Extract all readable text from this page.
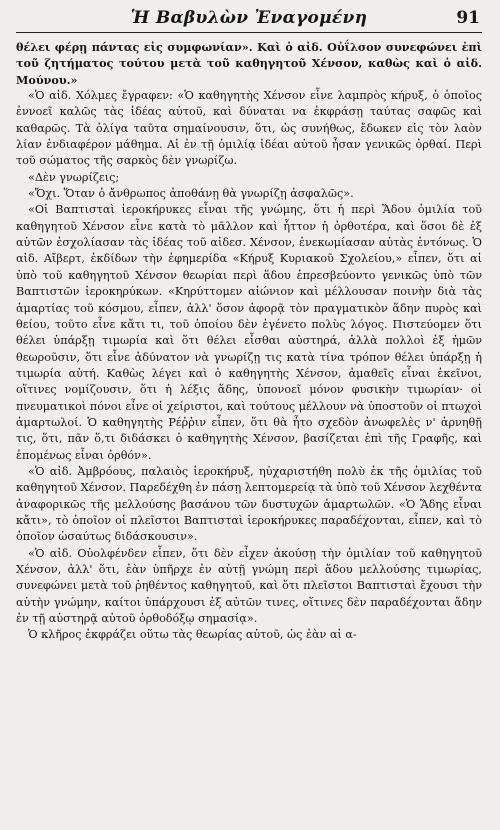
Ἡ Βαβυλὼν Ἐναγομένη	91

θέλει φέρῃ πάντας εἰς συμφωνίαν». Καὶ ὁ αἰδ. Οὐΐλσον συνεφώνει ἐπὶ τοῦ ζητήματος τούτου μετὰ τοῦ καθηγητοῦ Χένσον, καθὼς καὶ ὁ αἰδ. Μούνου.»

«Ὁ αἰδ. Χόλμες ἔγραφεν: «Ὁ καθηγητὴς Χένσον εἶνε λαμπρὸς κήρυξ, ὁ ὁποῖος ἐννοεῖ καλῶς τὰς ἰδέας αὐτοῦ, καὶ δύναται να ἐκφράσῃ ταύτας σαφῶς καὶ καθαρῶς. Τὰ ὀλίγα ταῦτα σημαίνουσιν, ὅτι, ὡς συνήθως, ἔδωκεν εἰς τὸν λαὸν λίαν ἐνδιαφέρον μάθημα. Αἱ ἐν τῇ ὁμιλίᾳ ἰδέαι αὐτοῦ ἦσαν γενικῶς ὀρθαί. Περὶ τοῦ σώματος τῆς σαρκὸς δὲν γνωρίζω.

«Δὲν γνωρίζεις;

«Ὄχι. Ὅταν ὁ ἄνθρωπος ἀποθάνῃ θὰ γνωρίζῃ ἀσφαλῶς».

«Οἱ Βαπτισταὶ ἱεροκήρυκες εἶναι τῆς γνώμης, ὅτι ἡ περὶ Ἅδου ὁμιλία τοῦ καθηγητοῦ Χένσον εἶνε κατὰ τὸ μᾶλλον καὶ ἧττον ἡ ὀρθοτέρα, καὶ ὅσοι δὲ ἐξ αὐτῶν ἐσχολίασαν τὰς ἰδέας τοῦ αἰδεσ. Χένσον, ἐνεκωμίασαν αὐτὰς ἐντόνως. Ὁ αἰδ. Αἴβερτ, ἐκδίδων τὴν ἐφημερίδα «Κήρυξ Κυριακοῦ Σχολείου,» εἶπεν, ὅτι αἱ ὑπὸ τοῦ καθηγητοῦ Χένσον θεωρίαι περὶ ἅδου ἐπρεσβεύοντο γενικῶς ὑπὸ τῶν Βαπτιστῶν ἱεροκηρύκων. «Κηρύττομεν αἰώνιον καὶ μέλλουσαν ποινὴν διὰ τὰς ἁμαρτίας τοῦ κόσμου, εἶπεν, ἀλλ' ὅσον ἀφορᾷ τὸν πραγματικὸν ἅδην πυρὸς καὶ θείου, τοῦτο εἶνε κἄτι τι, τοῦ ὁποίου δὲν ἐγένετο πολὺς λόγος. Πιστεύομεν ὅτι θέλει ὑπάρξῃ τιμωρία καὶ ὅτι θέλει εἶσθαι αὐστηρά, ἀλλὰ πολλοὶ ἐξ ἡμῶν θεωροῦσιν, ὅτι εἶνε ἀδύνατον νὰ γνωρίζῃ τις κατὰ τίνα τρόπον θέλει ὑπάρξῃ ἡ τιμωρία αὐτή. Καθὼς λέγει καὶ ὁ καθηγητὴς Χένσον, ἀμαθεῖς εἶναι ἐκεῖνοι, οἵτινες νομίζουσιν, ὅτι ἡ λέξις ἅδης, ὑπονοεῖ μόνον φυσικὴν τιμωρίαν· οἱ πνευματικοὶ πόνοι εἶνε οἱ χείριστοι, καὶ τούτους μέλλουν νὰ ὑποστοῦν οἱ πτωχοὶ ἁμαρτωλοί. Ὁ καθηγητὴς Ρέῤῥιν εἶπεν, ὅτι θὰ ἦτο σχεδὸν ἀνωφελὲς ν' ἀρνηθῇ τις, ὅτι, πᾶν ὅ,τι διδάσκει ὁ καθηγητὴς Χένσον, βασίζεται ἐπὶ τῆς Γραφῆς, καὶ ἑπομένως εἶναι ὀρθόν».

«Ὁ αἰδ. Ἀμβρόους, παλαιὸς ἱεροκήρυξ, ηὐχαριστήθη πολὺ ἐκ τῆς ὁμιλίας τοῦ καθηγητοῦ Χένσον. Παρεδέχθη ἐν πάσῃ λεπτομερείᾳ τὰ ὑπὸ τοῦ Χένσον λεχθέντα ἀναφορικῶς τῆς μελλούσης βασάνου τῶν δυστυχῶν ἁμαρτωλῶν. «Ὁ Ἅδης εἶναι κἄτι», τὸ ὁποῖον οἱ πλεῖστοι Βαπτισταὶ ἱεροκήρυκες παραδέχονται, εἶπεν, καὶ τὸ ὁποῖον ὡσαύτως διδάσκουσιν».

«Ὁ αἰδ. Οὐολφένδεν εἶπεν, ὅτι δὲν εἶχεν ἀκούσῃ τὴν ὁμιλίαν τοῦ καθηγητοῦ Χένσον, ἀλλ' ὅτι, ἐὰν ὑπῆρχε ἐν αὐτῇ γνώμη περὶ ἅδου μελλούσης τιμωρίας, συνεφώνει μετὰ τοῦ ῥηθέντος καθηγητοῦ, καὶ ὅτι πλεῖστοι Βαπτισταὶ ἔχουσι τὴν αὐτὴν γνώμην, καίτοι ὑπάρχουσι ἐξ αὐτῶν τινες, οἵτινες δὲν παραδέχονται ἅδην ἐν τῇ αὐστηρᾷ αὐτοῦ ὀρθοδόξῳ σημασίᾳ».

Ὁ κλῆρος ἐκφράζει οὕτω τὰς θεωρίας αὐτοῦ, ὡς ἐὰν αἱ α-
